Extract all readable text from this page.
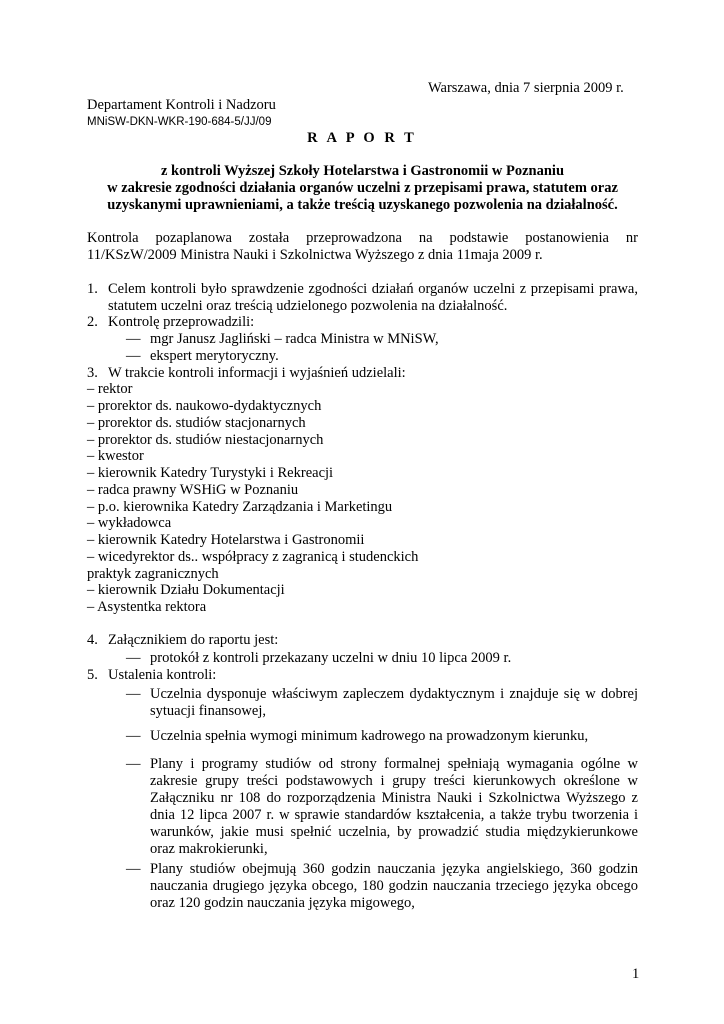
Warszawa, dnia 7 sierpnia 2009 r.
Departament Kontroli i Nadzoru
MNiSW-DKN-WKR-190-684-5/JJ/09
R A P O R T
z kontroli Wyższej Szkoły Hotelarstwa i Gastronomii w Poznaniu
w zakresie zgodności działania organów uczelni z przepisami prawa, statutem oraz
uzyskanymi uprawnieniami, a także treścią uzyskanego pozwolenia na działalność.
Kontrola pozaplanowa została przeprowadzona na podstawie postanowienia nr
11/KSzW/2009 Ministra Nauki i Szkolnictwa Wyższego z dnia 11maja 2009 r.
1. Celem kontroli było sprawdzenie zgodności działań organów uczelni z przepisami prawa,
statutem uczelni oraz treścią udzielonego pozwolenia na działalność.
2. Kontrolę przeprowadzili:
— mgr Janusz Jagliński – radca Ministra w MNiSW,
— ekspert merytoryczny.
3. W trakcie kontroli informacji i wyjaśnień udzielali:
– rektor
– prorektor ds. naukowo-dydaktycznych
– prorektor ds. studiów stacjonarnych
– prorektor ds. studiów niestacjonarnych
– kwestor
– kierownik Katedry Turystyki i Rekreacji
– radca prawny WSHiG w Poznaniu
– p.o. kierownika Katedry Zarządzania i Marketingu
– wykładowca
– kierownik Katedry Hotelarstwa i Gastronomii
– wicedyrektor ds.. współpracy z zagranicą i studenckich
praktyk zagranicznych
– kierownik Działu Dokumentacji
– Asystentka rektora
4. Załącznikiem do raportu jest:
— protokół z kontroli przekazany uczelni w dniu 10 lipca 2009 r.
5. Ustalenia kontroli:
— Uczelnia dysponuje właściwym zapleczem dydaktycznym i znajduje się w dobrej
sytuacji finansowej,
— Uczelnia spełnia wymogi minimum kadrowego na prowadzonym kierunku,
— Plany i programy studiów od strony formalnej spełniają wymagania ogólne w
zakresie grupy treści podstawowych i grupy treści kierunkowych określone w
Załączniku nr 108 do rozporządzenia Ministra Nauki i Szkolnictwa Wyższego z
dnia 12 lipca 2007 r. w sprawie standardów kształcenia, a także trybu tworzenia i
warunków, jakie musi spełnić uczelnia, by prowadzić studia międzykierunkowe
oraz makrokierunki,
— Plany studiów obejmują 360 godzin nauczania języka angielskiego, 360 godzin
nauczania drugiego języka obcego, 180 godzin nauczania trzeciego języka obcego
oraz 120 godzin nauczania języka migowego,
1
